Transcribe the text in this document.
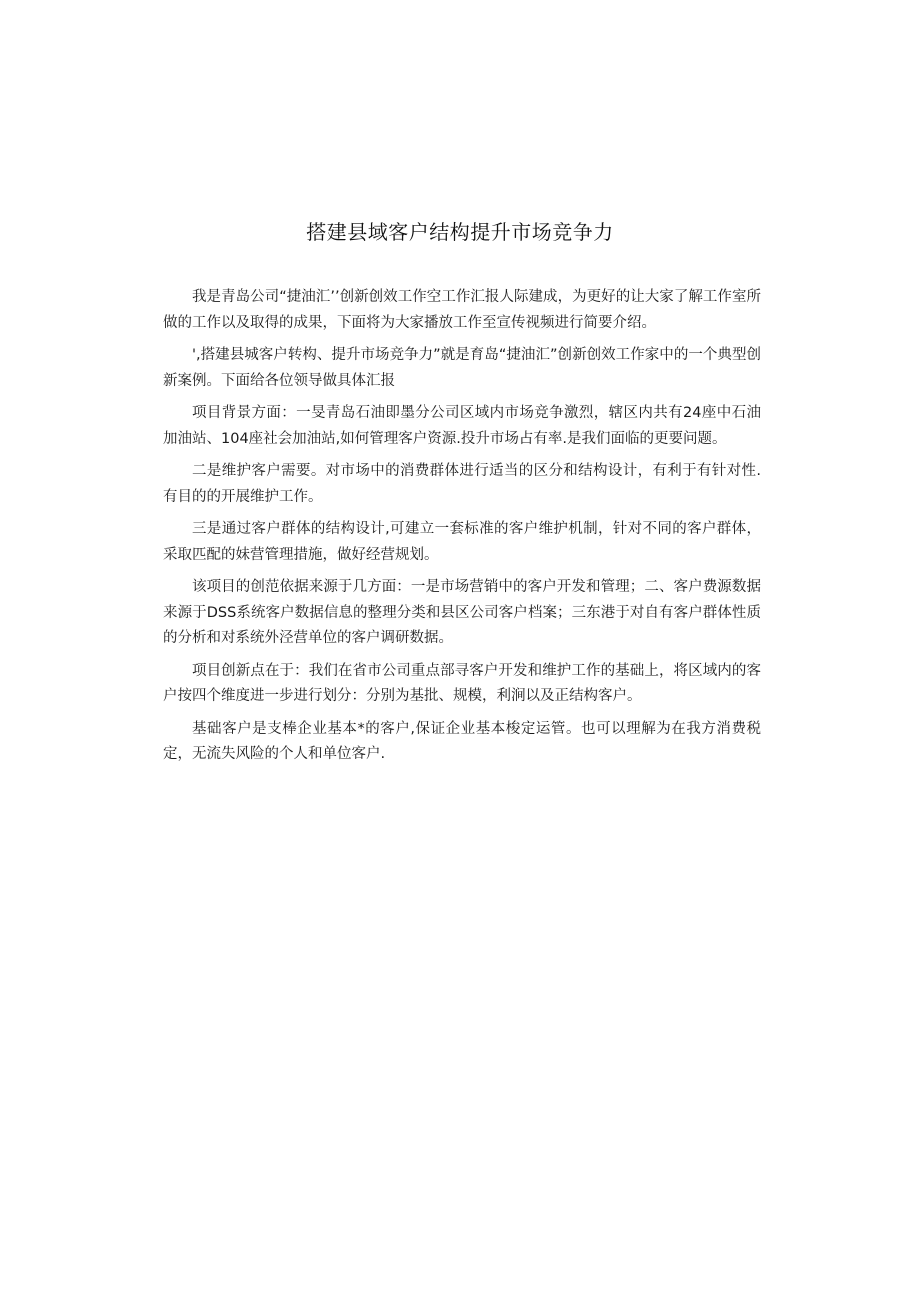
搭建县域客户结构提升市场竞争力

我是青岛公司“捷油汇’’创新创效工作空工作汇报人际建成，为更好的让大家了解工作室所做的工作以及取得的成果，下面将为大家播放工作至宣传视频进行简要介绍。

',搭建县城客户转构、提升市场竞争力”就是育岛“捷油汇”创新创效工作家中的一个典型创新案例。下面给各位领导做具体汇报

项目背景方面：一旻青岛石油即墨分公司区域内市场竞争激烈，辖区内共有24座中石油加油站、104座社会加油站,如何管理客户资源.投升市场占有率.是我们面临的更要问题。

二是维护客户需要。对市场中的消费群体进行适当的区分和结构设计，有利于有针对性.有目的的开展维护工作。

三是通过客户群体的结构设计,可建立一套标准的客户维护机制，针对不同的客户群体，采取匹配的妹营管理措施，做好经营规划。

该项目的创范依据来源于几方面：一是市场营销中的客户开发和管理；二、客户费源数据来源于DSS系统客户数据信息的整理分类和县区公司客户档案；三东港于对自有客户群体性质的分析和对系统外泾营单位的客户调研数据。

项目创新点在于：我们在省市公司重点部寻客户开发和维护工作的基础上，将区域内的客户按四个维度进一步进行划分：分别为基批、规模，利涧以及正结构客户。

基础客户是支棒企业基本*的客户,保证企业基本梭定运管。也可以理解为在我方消费税定，无流失风险的个人和单位客户.
